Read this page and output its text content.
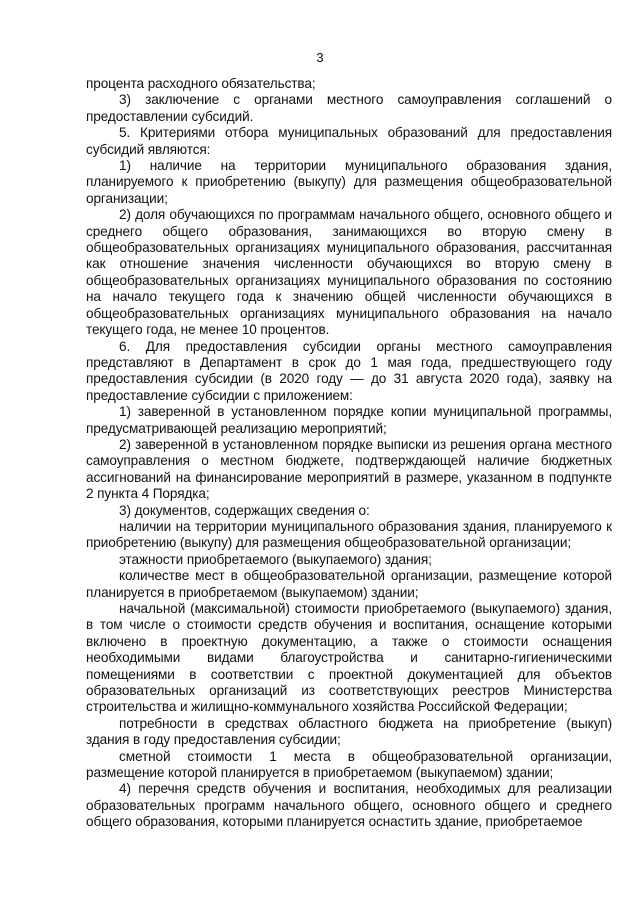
3

процента расходного обязательства;

3) заключение с органами местного самоуправления соглашений о предоставлении субсидий.

5. Критериями отбора муниципальных образований для предоставления субсидий являются:

1) наличие на территории муниципального образования здания, планируемого к приобретению (выкупу) для размещения общеобразовательной организации;

2) доля обучающихся по программам начального общего, основного общего и среднего общего образования, занимающихся во вторую смену в общеобразовательных организациях муниципального образования, рассчитанная как отношение значения численности обучающихся во вторую смену в общеобразовательных организациях муниципального образования по состоянию на начало текущего года к значению общей численности обучающихся в общеобразовательных организациях муниципального образования на начало текущего года, не менее 10 процентов.

6. Для предоставления субсидии органы местного самоуправления представляют в Департамент в срок до 1 мая года, предшествующего году предоставления субсидии (в 2020 году — до 31 августа 2020 года), заявку на предоставление субсидии с приложением:

1) заверенной в установленном порядке копии муниципальной программы, предусматривающей реализацию мероприятий;

2) заверенной в установленном порядке выписки из решения органа местного самоуправления о местном бюджете, подтверждающей наличие бюджетных ассигнований на финансирование мероприятий в размере, указанном в подпункте 2 пункта 4 Порядка;

3) документов, содержащих сведения о:

наличии на территории муниципального образования здания, планируемого к приобретению (выкупу) для размещения общеобразовательной организации;

этажности приобретаемого (выкупаемого) здания;

количестве мест в общеобразовательной организации, размещение которой планируется в приобретаемом (выкупаемом) здании;

начальной (максимальной) стоимости приобретаемого (выкупаемого) здания, в том числе о стоимости средств обучения и воспитания, оснащение которыми включено в проектную документацию, а также о стоимости оснащения необходимыми видами благоустройства и санитарно-гигиеническими помещениями в соответствии с проектной документацией для объектов образовательных организаций из соответствующих реестров Министерства строительства и жилищно-коммунального хозяйства Российской Федерации;

потребности в средствах областного бюджета на приобретение (выкуп) здания в году предоставления субсидии;

сметной стоимости 1 места в общеобразовательной организации, размещение которой планируется в приобретаемом (выкупаемом) здании;

4) перечня средств обучения и воспитания, необходимых для реализации образовательных программ начального общего, основного общего и среднего общего образования, которыми планируется оснастить здание, приобретаемое
